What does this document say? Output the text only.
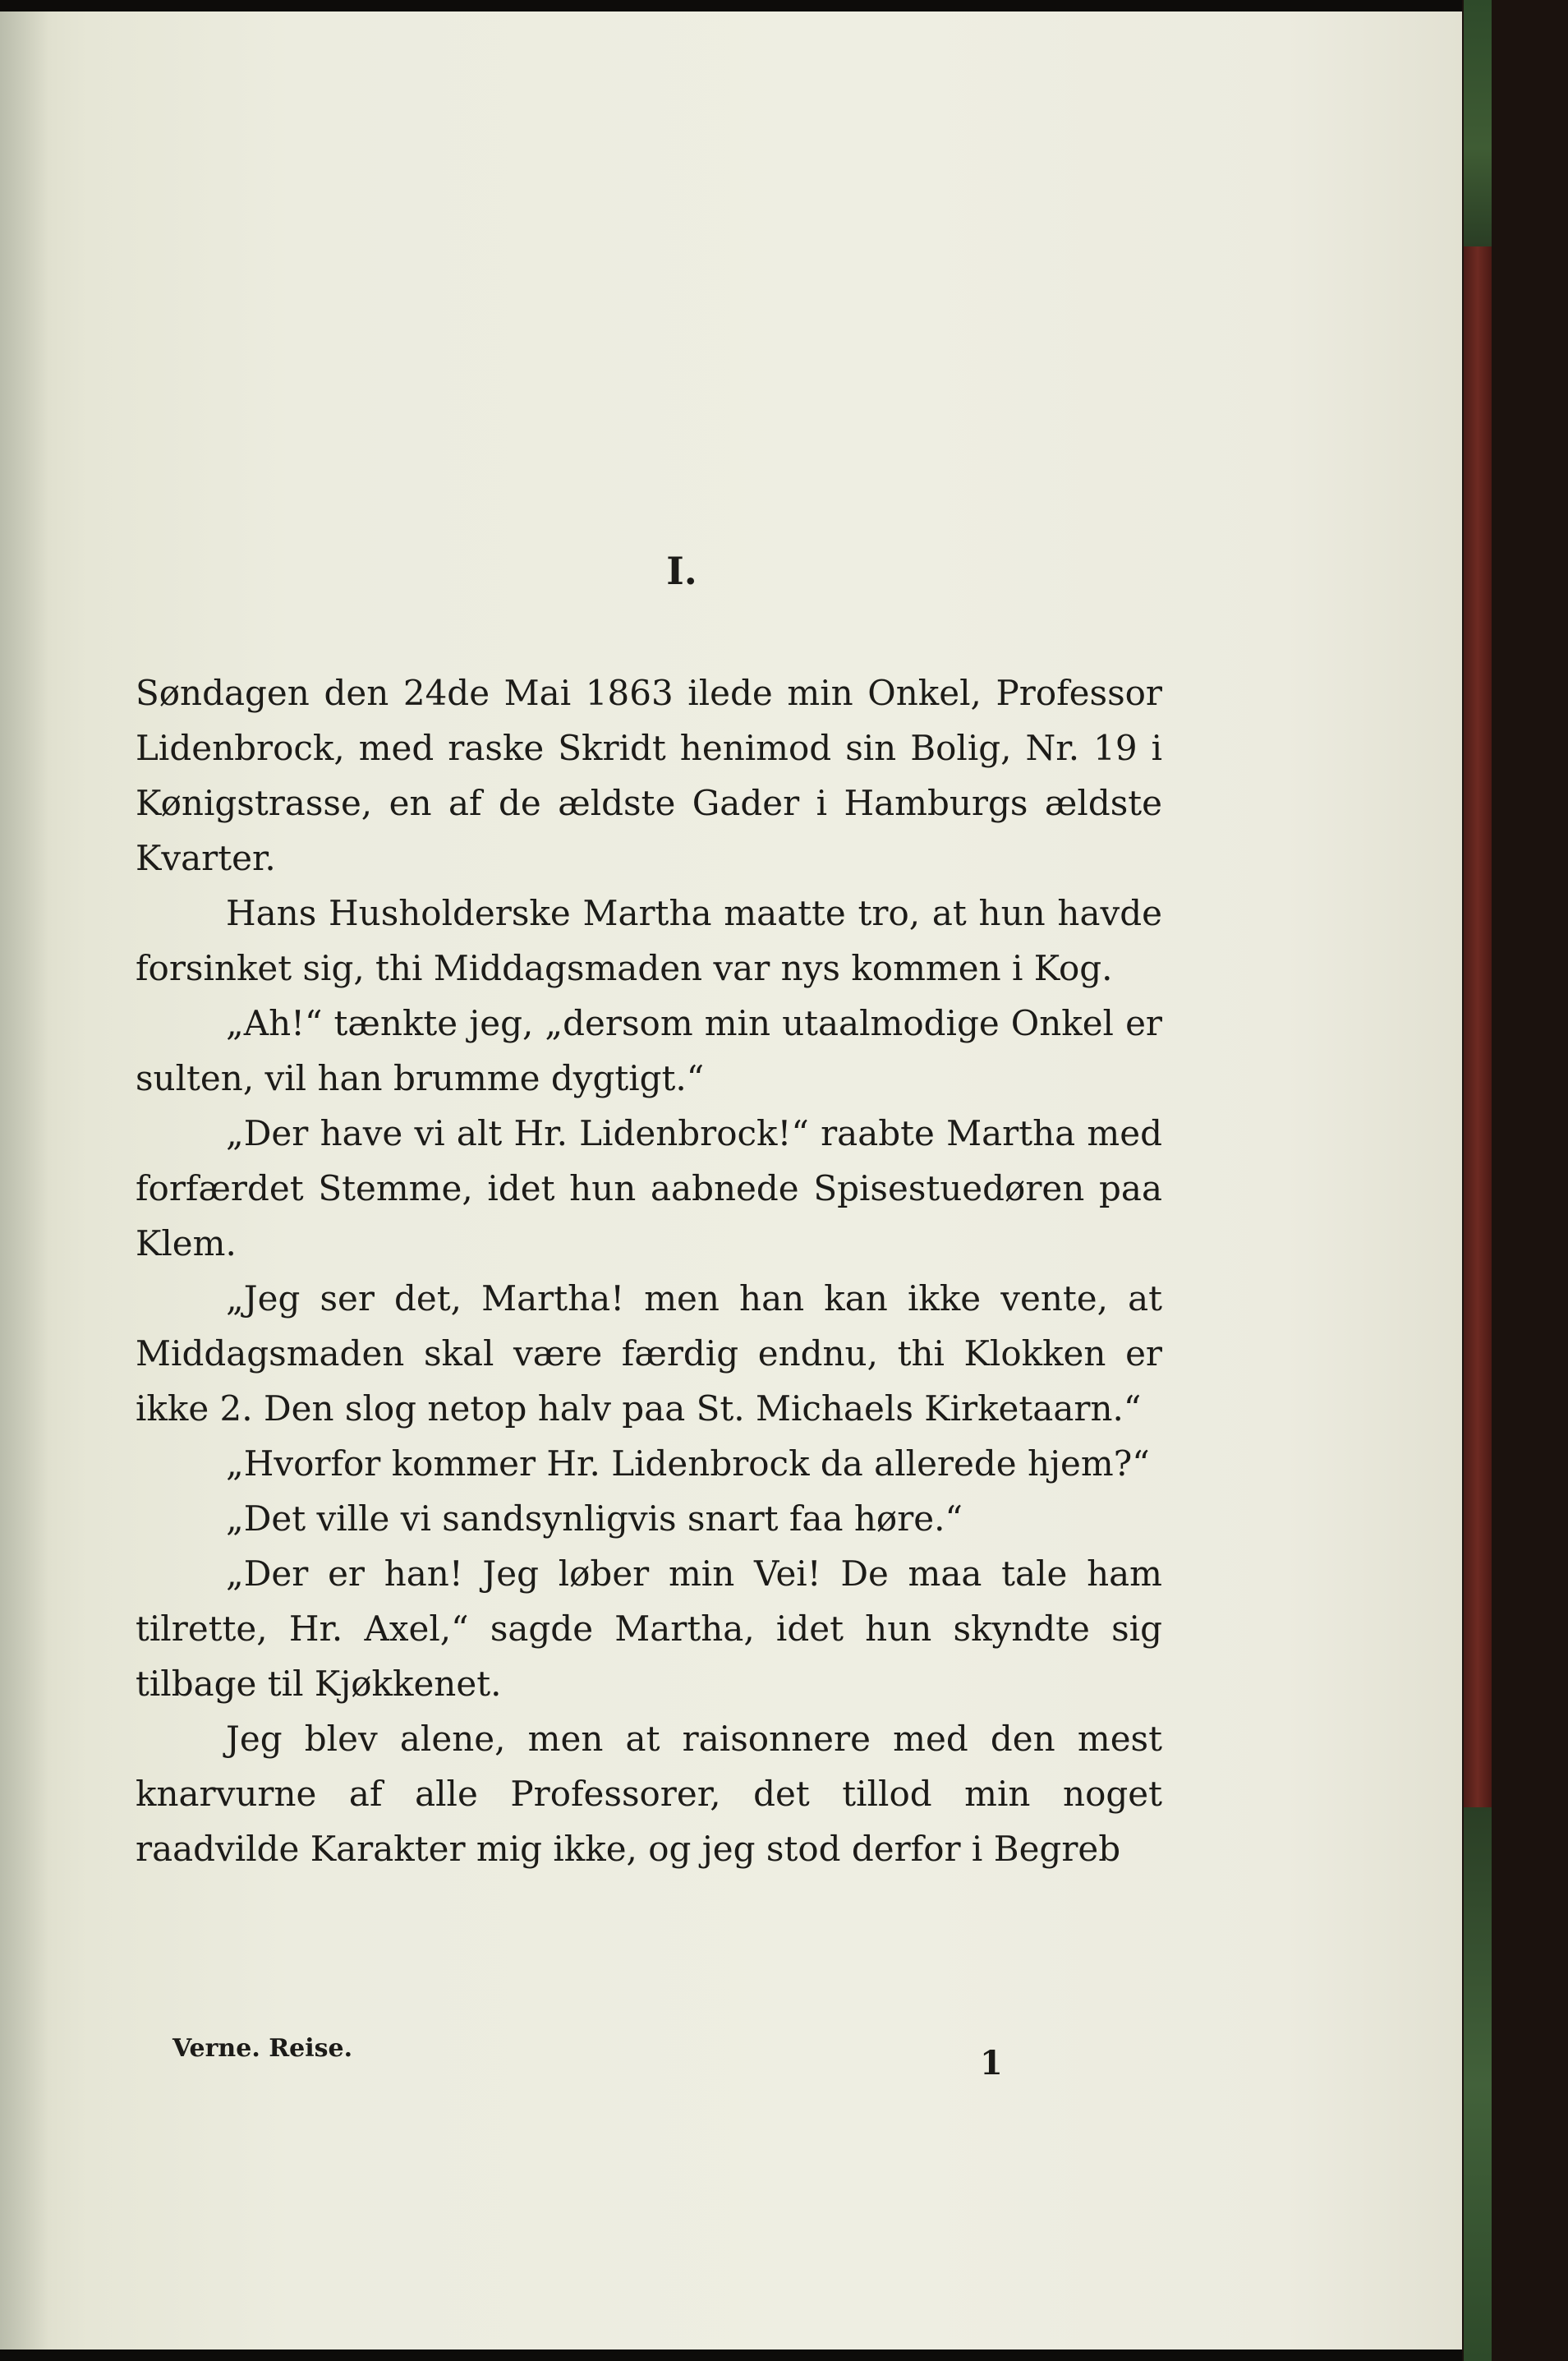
I.

Søndagen den 24de Mai 1863 ilede min Onkel, Professor Lidenbrock, med raske Skridt henimod sin Bolig, Nr. 19 i Kønigstrasse, en af de ældste Gader i Hamburgs ældste Kvarter.

Hans Husholderske Martha maatte tro, at hun havde forsinket sig, thi Middagsmaden var nys kommen i Kog.

„Ah!“ tænkte jeg, „dersom min utaalmodige Onkel er sulten, vil han brumme dygtigt.“

„Der have vi alt Hr. Lidenbrock!“ raabte Martha med forfærdet Stemme, idet hun aabnede Spisestuedøren paa Klem.

„Jeg ser det, Martha! men han kan ikke vente, at Middagsmaden skal være færdig endnu, thi Klokken er ikke 2. Den slog netop halv paa St. Michaels Kirketaarn.“

„Hvorfor kommer Hr. Lidenbrock da allerede hjem?“

„Det ville vi sandsynligvis snart faa høre.“

„Der er han! Jeg løber min Vei! De maa tale ham tilrette, Hr. Axel,“ sagde Martha, idet hun skyndte sig tilbage til Kjøkkenet.

Jeg blev alene, men at raisonnere med den mest knarvurne af alle Professorer, det tillod min noget raadvilde Karakter mig ikke, og jeg stod derfor i Begreb

Verne. Reise.	1
